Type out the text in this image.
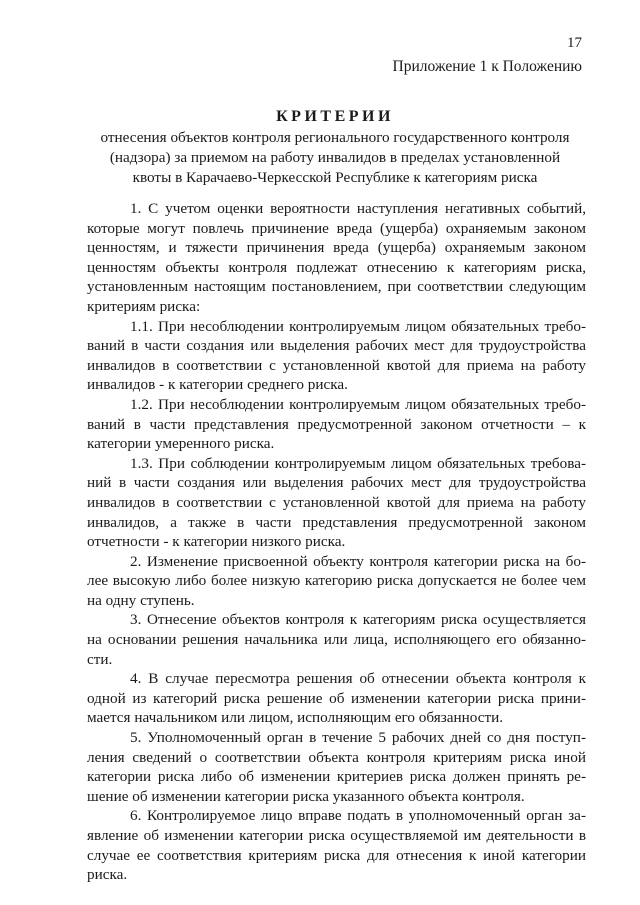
17
Приложение 1 к Положению
КРИТЕРИИ
отнесения объектов контроля регионального государственного контроля
(надзора) за приемом на работу инвалидов в пределах установленной
квоты в Карачаево-Черкесской Республике к категориям риска

1. С учетом оценки вероятности наступления негативных событий, которые могут повлечь причинение вреда (ущерба) охраняемым законом ценностям, и тяжести причинения вреда (ущерба) охраняемым законом ценностям объекты контроля подлежат отнесению к категориям риска, установленным настоящим постановлением, при соответствии следующим критериям риска:

1.1. При несоблюдении контролируемым лицом обязательных требований в части создания или выделения рабочих мест для трудоустройства инвалидов в соответствии с установленной квотой для приема на работу инвалидов - к категории среднего риска.

1.2. При несоблюдении контролируемым лицом обязательных требований в части представления предусмотренной законом отчетности – к категории умеренного риска.

1.3. При соблюдении контролируемым лицом обязательных требований в части создания или выделения рабочих мест для трудоустройства инвалидов в соответствии с установленной квотой для приема на работу инвалидов, а также в части представления предусмотренной законом отчетности - к категории низкого риска.

2. Изменение присвоенной объекту контроля категории риска на более высокую либо более низкую категорию риска допускается не более чем на одну ступень.

3. Отнесение объектов контроля к категориям риска осуществляется на основании решения начальника или лица, исполняющего его обязанности.

4. В случае пересмотра решения об отнесении объекта контроля к одной из категорий риска решение об изменении категории риска принимается начальником или лицом, исполняющим его обязанности.

5. Уполномоченный орган в течение 5 рабочих дней со дня поступления сведений о соответствии объекта контроля критериям риска иной категории риска либо об изменении критериев риска должен принять решение об изменении категории риска указанного объекта контроля.

6. Контролируемое лицо вправе подать в уполномоченный орган заявление об изменении категории риска осуществляемой им деятельности в случае ее соответствия критериям риска для отнесения к иной категории риска.
